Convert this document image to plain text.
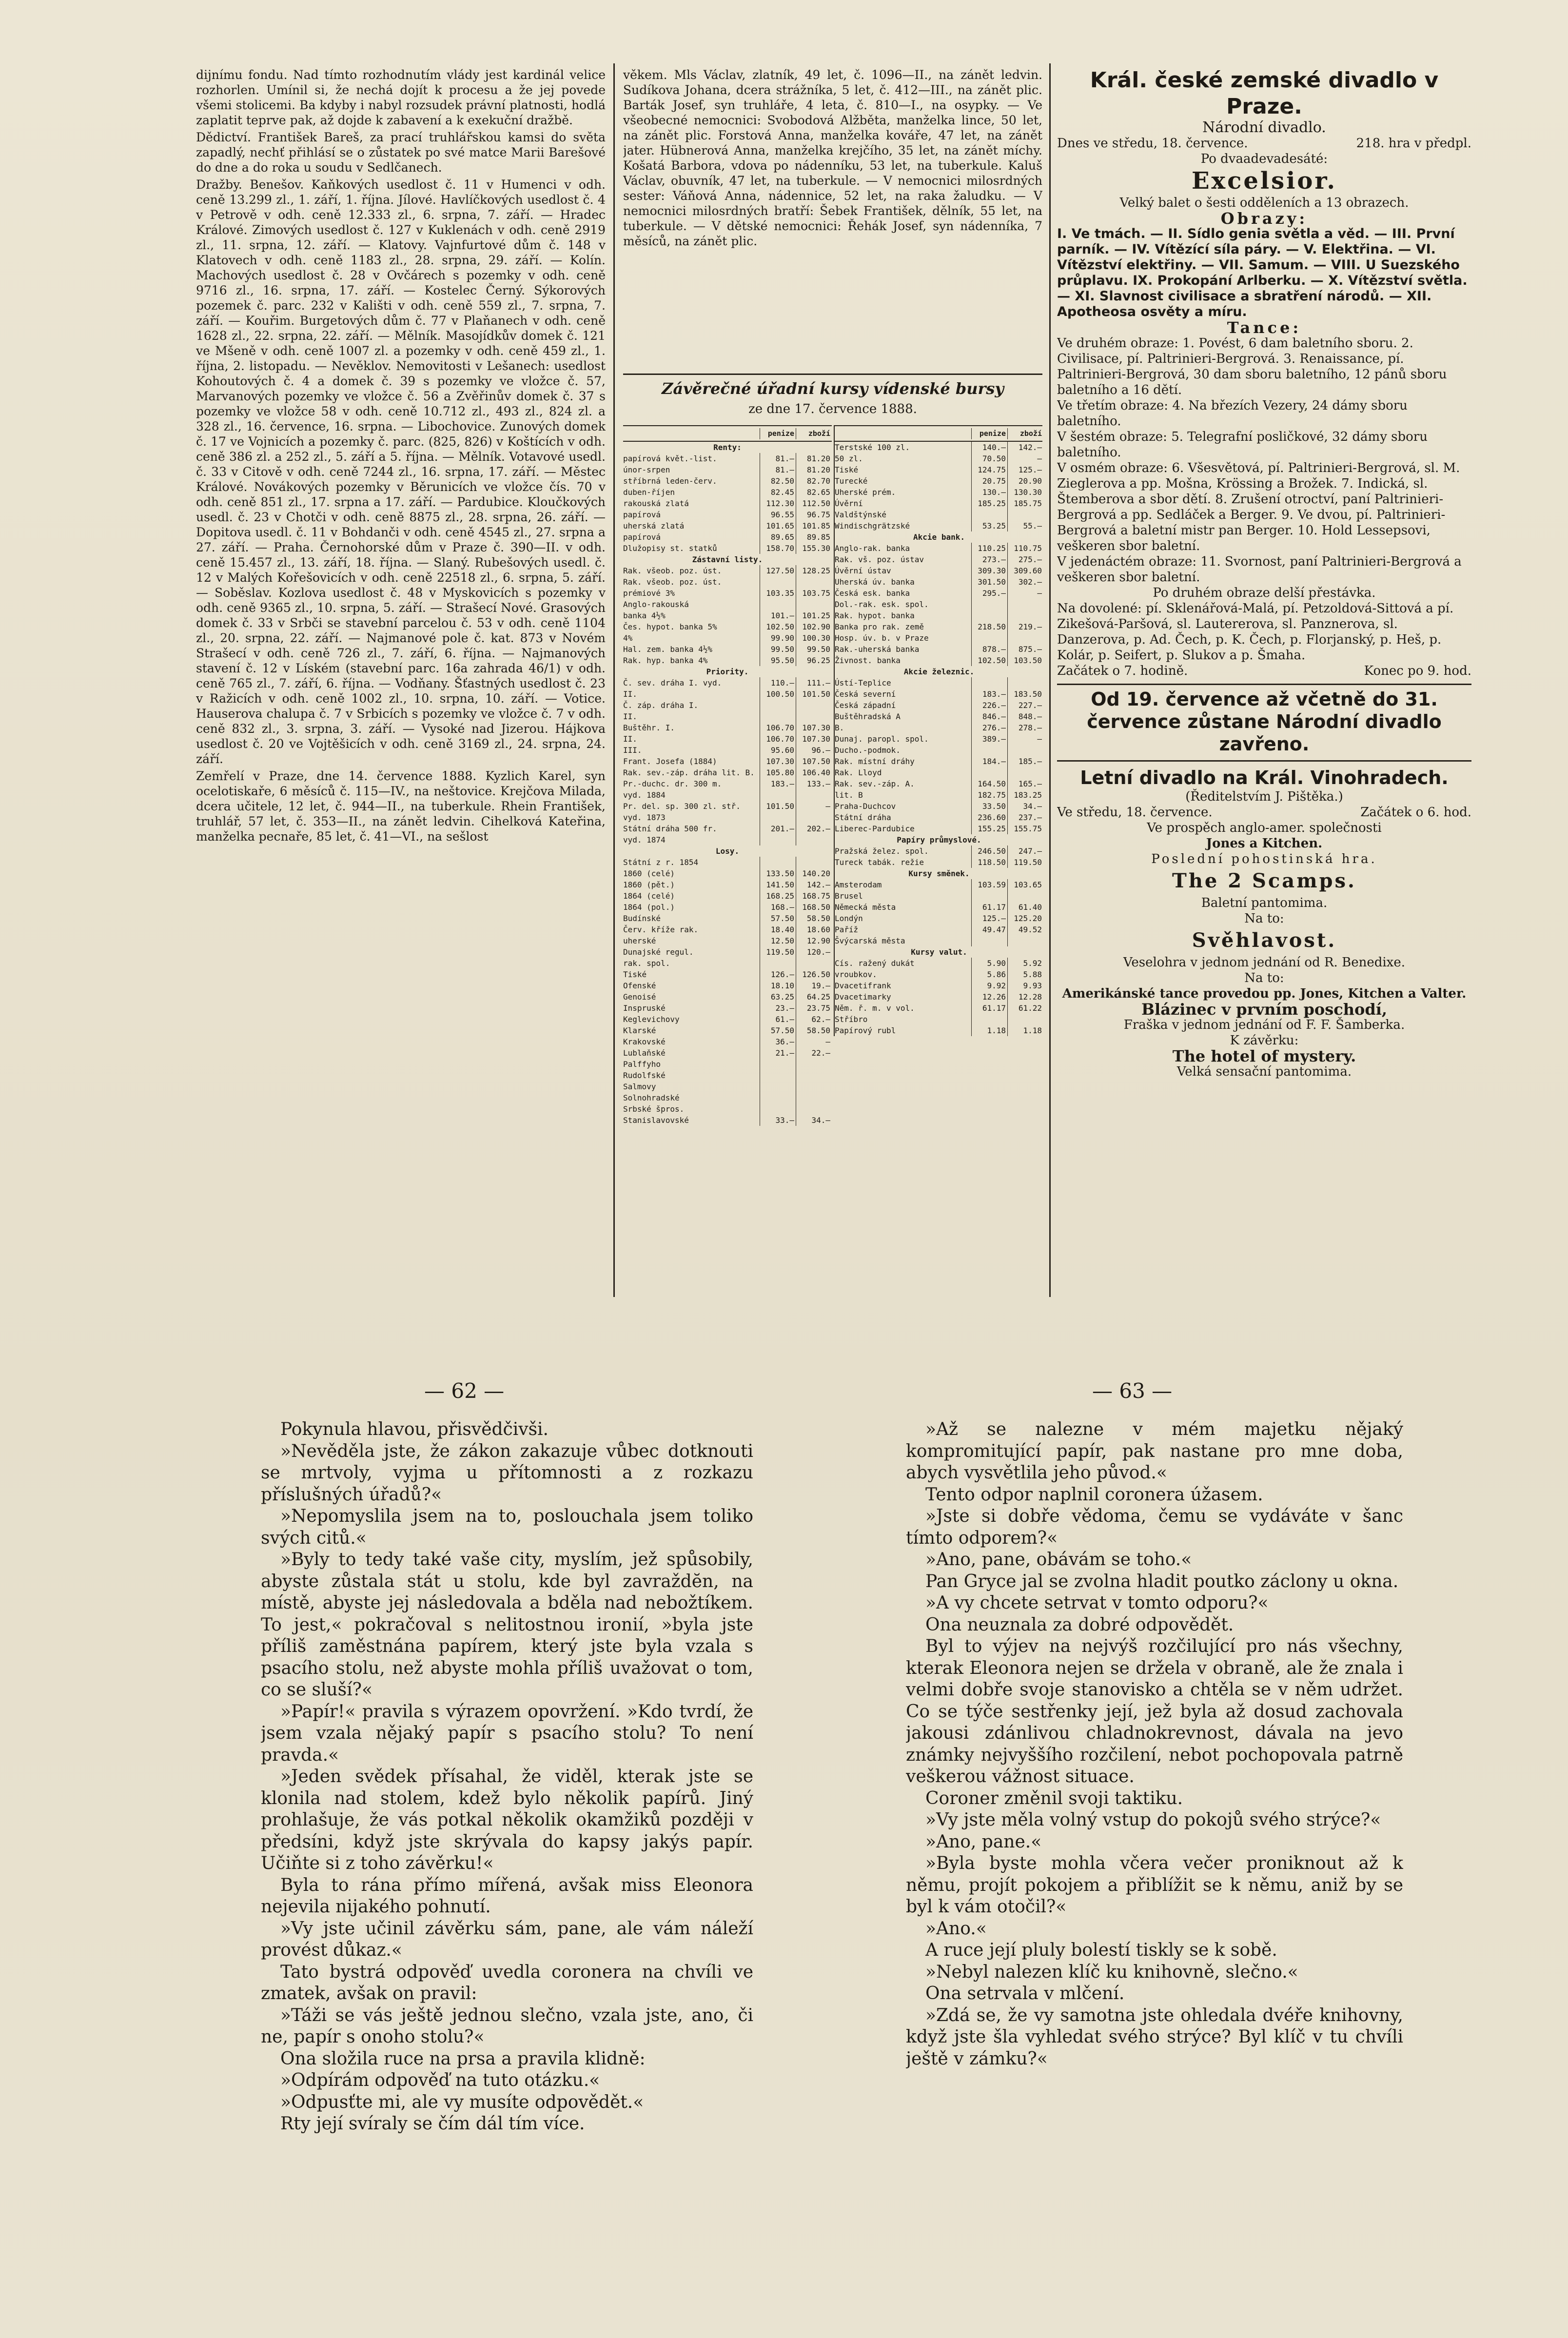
dijnímu fondu. Nad tímto rozhodnutím vlády jest kardinál velice rozhorlen. Umínil si, že nechá dojít k procesu a že jej povede všemi stolicemi. Ba kdyby i nabyl rozsudek právní platnosti, hodlá zaplatit teprve pak, až dojde k zabavení a k exekuční dražbě.

Dědictví. František Bareš, za prací truhlářskou kamsi do světa zapadlý, nechť přihlásí se o zůstatek po své matce Marii Barešové do dne a do roka u soudu v Sedlčanech.

Dražby. Benešov. Kaňkových usedlost č. 11 v Humenci v odh. ceně 13.299 zl., 1. září, 1. října. Jílové. Havlíčkových usedlost č. 4 v Petrově v odh. ceně 12.333 zl., 6. srpna, 7. září. — Hradec Králové. Zimových usedlost č. 127 v Kuklenách v odh. ceně 2919 zl., 11. srpna, 12. září. — Klatovy. Vajnfurtové dům č. 148 v Klatovech v odh. ceně 1183 zl., 28. srpna, 29. září. — Kolín. Machových usedlost č. 28 v Ovčárech s pozemky v odh. ceně 9716 zl., 16. srpna, 17. září. — Kostelec Černý. Sýkorových pozemek č. parc. 232 v Kališti v odh. ceně 559 zl., 7. srpna, 7. září. — Kouřim. Burgetových dům č. 77 v Plaňanech v odh. ceně 1628 zl., 22. srpna, 22. září. — Mělník. Masojídkův domek č. 121 ve Mšeně v odh. ceně 1007 zl. a pozemky v odh. ceně 459 zl., 1. října, 2. listopadu. — Nevěklov. Nemovitosti v Lešanech: usedlost Kohoutových č. 4 a domek č. 39 s pozemky ve vložce č. 57, Marvanových pozemky ve vložce č. 56 a Zvěřinův domek č. 37 s pozemky ve vložce 58 v odh. ceně 10.712 zl., 493 zl., 824 zl. a 328 zl., 16. července, 16. srpna. — Libochovice. Zunových domek č. 17 ve Vojnicích a pozemky č. parc. (825, 826) v Koštících v odh. ceně 386 zl. a 252 zl., 5. září a 5. října. — Mělník. Votavové usedl. č. 33 v Citově v odh. ceně 7244 zl., 16. srpna, 17. září. — Městec Králové. Novákových pozemky v Běrunicích ve vložce čís. 70 v odh. ceně 851 zl., 17. srpna a 17. září. — Pardubice. Kloučkových usedl. č. 23 v Chotči v odh. ceně 8875 zl., 28. srpna, 26. září. — Dopitova usedl. č. 11 v Bohdanči v odh. ceně 4545 zl., 27. srpna a 27. září. — Praha. Černohorské dům v Praze č. 390—II. v odh. ceně 15.457 zl., 13. září, 18. října. — Slaný. Rubešových usedl. č. 12 v Malých Kořešovicích v odh. ceně 22518 zl., 6. srpna, 5. září. — Soběslav. Kozlova usedlost č. 48 v Myskovicích s pozemky v odh. ceně 9365 zl., 10. srpna, 5. září. — Strašecí Nové. Grasových domek č. 33 v Srbči se stavební parcelou č. 53 v odh. ceně 1104 zl., 20. srpna, 22. září. — Najmanové pole č. kat. 873 v Novém Strašecí v odh. ceně 726 zl., 7. září, 6. října. — Najmanových stavení č. 12 v Líském (stavební parc. 16a zahrada 46/1) v odh. ceně 765 zl., 7. září, 6. října. — Vodňany. Šťastných usedlost č. 23 v Ražicích v odh. ceně 1002 zl., 10. srpna, 10. září. — Votice. Hauserova chalupa č. 7 v Srbicích s pozemky ve vložce č. 7 v odh. ceně 832 zl., 3. srpna, 3. září. — Vysoké nad Jizerou. Hájkova usedlost č. 20 ve Vojtěšicích v odh. ceně 3169 zl., 24. srpna, 24. září.

Zemřelí v Praze, dne 14. července 1888. Kyzlich Karel, syn ocelotiskaře, 6 měsíců č. 115—IV., na neštovice. Krejčova Milada, dcera učitele, 12 let, č. 944—II., na tuberkule. Rhein František, truhlář, 57 let, č. 353—II., na zánět ledvin. Cihelková Kateřina, manželka pecnaře, 85 let, č. 41—VI., na sešlost

věkem. Mls Václav, zlatník, 49 let, č. 1096—II., na zánět ledvin. Sudíkova Johana, dcera strážníka, 5 let, č. 412—III., na zánět plic. Barták Josef, syn truhláře, 4 leta, č. 810—I., na osypky. — Ve všeobecné nemocnici: Svobodová Alžběta, manželka lince, 50 let, na zánět plic. Forstová Anna, manželka kováře, 47 let, na zánět jater. Hübnerová Anna, manželka krejčího, 35 let, na zánět míchy. Košatá Barbora, vdova po nádenníku, 53 let, na tuberkule. Kaluš Václav, obuvník, 47 let, na tuberkule. — V nemocnici milosrdných sester: Váňová Anna, nádennice, 52 let, na raka žaludku. — V nemocnici milosrdných bratří: Šebek František, dělník, 55 let, na tuberkule. — V dětské nemocnici: Řehák Josef, syn nádenníka, 7 měsíců, na zánět plic.

Závěrečné úřadní kursy vídenské bursy
ze dne 17. července 1888.
penize	zboží
Renty:
papírová květ.-list.	81.—	81.20
únor-srpen	81.—	81.20
stříbrná leden-červ.	82.50	82.70
duben-říjen	82.45	82.65
rakouská zlatá	112.30	112.50
papírová	96.55	96.75
uherská zlatá	101.65	101.85
papírová	89.65	89.85
Dlužopisy st. statků	158.70	155.30
Zástavní listy.
Rak. všeob. poz. úst.	127.50	128.25
Rak. všeob. poz. úst.
prémiové 3%	103.35	103.75
Anglo-rakouská
banka 4½%	101.—	101.25
Čes. hypot. banka 5%	102.50	102.90
4%	99.90	100.30
Hal. zem. banka 4½%	99.50	99.50
Rak. hyp. banka 4%	95.50	96.25
Priority.
Č. sev. dráha I. vyd.	110.—	111.—
II.	100.50	101.50
Č. záp. dráha I.
II.
Buštěhr. I.	106.70	107.30
II.	106.70	107.30
III.	95.60	96.—
Frant. Josefa (1884)	107.30	107.50
Rak. sev.-záp. dráha lit. B.	105.80	106.40
Pr.-duchc. dr. 300 m.	183.—	133.—
vyd. 1884
Pr. del. sp. 300 zl. stř.	101.50	—
vyd. 1873
Státní dráha 500 fr.	201.—	202.—
vyd. 1874
Losy.
Státní z r. 1854
1860 (celé)	133.50	140.20
1860 (pět.)	141.50	142.—
1864 (celé)	168.25	168.75
1864 (pol.)	168.—	168.50
Budínské	57.50	58.50
Červ. kříže rak.	18.40	18.60
uherské	12.50	12.90
Dunajské regul.	119.50	120.—
rak. spol.
Tiské	126.—	126.50
Ofenské	18.10	19.—
Genoisé	63.25	64.25
Inspruské	23.—	23.75
Keglevichovy	61.—	62.—
Klarské	57.50	58.50
Krakovské	36.—	—
Lublaňské	21.—	22.—
Palffyho
Rudolfské
Salmovy
Solnohradské
Srbské špros.
Stanislavovské	33.—	34.—
penize	zboží
Terstské 100 zl.	140.—	142.—
50 zl.	70.50	—
Tiské	124.75	125.—
Turecké	20.75	20.90
Uherské prém.	130.—	130.30
Úvěrní	185.25	185.75
Valdštýnské
Windischgrätzské	53.25	55.—
Akcie bank.
Anglo-rak. banka	110.25	110.75
Rak. vš. poz. ústav	273.—	275.—
Úvěrní ústav	309.30	309.60
Uherská úv. banka	301.50	302.—
Česká esk. banka	295.—	—
Dol.-rak. esk. spol.
Rak. hypot. banka
Banka pro rak. země	218.50	219.—
Hosp. úv. b. v Praze
Rak.-uherská banka	878.—	875.—
Živnost. banka	102.50	103.50
Akcie železnic.
Ústí-Teplice
Česká severní	183.—	183.50
Česká západní	226.—	227.—
Buštěhradská A	846.—	848.—
B.	276.—	278.—
Dunaj. paropl. spol.	389.—	—
Ducho.-podmok.
Rak. místní dráhy	184.—	185.—
Rak. Lloyd
Rak. sev.-záp. A.	164.50	165.—
lit. B	182.75	183.25
Praha-Duchcov	33.50	34.—
Státní dráha	236.60	237.—
Liberec-Pardubice	155.25	155.75
Papíry průmyslové.
Pražská želez. spol.	246.50	247.—
Tureck tabák. režie	118.50	119.50
Kursy směnek.
Amsterodam	103.59	103.65
Brusel
Německá města	61.17	61.40
Londýn	125.—	125.20
Paříž	49.47	49.52
Švýcarská města
Kursy valut.
Cís. ražený dukát	5.90	5.92
vroubkov.	5.86	5.88
Dvacetifrank	9.92	9.93
Dvacetimarky	12.26	12.28
Něm. ř. m. v vol.	61.17	61.22
Stříbro
Papírový rubl	1.18	1.18
Král. české zemské divadlo v Praze.
Národní divadlo.
Dnes ve středu, 18. července.	218. hra v předpl.
Po dvaadevadesáté:
Excelsior.
Velký balet o šesti odděleních a 13 obrazech.
Obrazy:
I. Ve tmách. — II. Sídlo genia světla a věd. — III. První parník. — IV. Vítězící síla páry. — V. Elektřina. — VI. Vítězství elektřiny. — VII. Samum. — VIII. U Suezského průplavu. IX. Prokopání Arlberku. — X. Vítězství světla. — XI. Slavnost civilisace a sbratření národů. — XII. Apotheosa osvěty a míru.
Tance:
Ve druhém obraze: 1. Povést, 6 dam baletního sboru. 2. Civilisace, pí. Paltrinieri-Bergrová. 3. Renaissance, pí. Paltrinieri-Bergrová, 30 dam sboru baletního, 12 pánů sboru baletního a 16 dětí.
Ve třetím obraze: 4. Na březích Vezery, 24 dámy sboru baletního.
V šestém obraze: 5. Telegrafní posličkové, 32 dámy sboru baletního.
V osmém obraze: 6. Všesvětová, pí. Paltrinieri-Bergrová, sl. M. Zieglerova a pp. Mošna, Krössing a Brožek. 7. Indická, sl. Štemberova a sbor dětí. 8. Zrušení otroctví, paní Paltrinieri-Bergrová a pp. Sedláček a Berger. 9. Ve dvou, pí. Paltrinieri-Bergrová a baletní mistr pan Berger. 10. Hold Lessepsovi, veškeren sbor baletní.
V jedenáctém obraze: 11. Svornost, paní Paltrinieri-Bergrová a veškeren sbor baletní.
Po druhém obraze delší přestávka.
Na dovolené: pí. Sklenářová-Malá, pí. Petzoldová-Sittová a pí. Zikešová-Paršová, sl. Lautererova, sl. Panznerova, sl. Danzerova, p. Ad. Čech, p. K. Čech, p. Florjanský, p. Heš, p. Kolár, p. Seifert, p. Slukov a p. Šmaha.
Začátek o 7. hodině.	Konec po 9. hod.
Od 19. července až včetně do 31. července zůstane Národní divadlo zavřeno.
Letní divadlo na Král. Vinohradech.
(Ředitelstvím J. Pištěka.)
Ve středu, 18. července.	Začátek o 6. hod.
Ve prospěch anglo-amer. společnosti
Jones a Kitchen.
Poslední pohostinská hra.
The 2 Scamps.
Baletní pantomima.
Na to:
Svěhlavost.
Veselohra v jednom jednání od R. Benedixe.
Na to:
Amerikánské tance provedou pp. Jones, Kitchen a Valter.
Blázinec v prvním poschodí,
Fraška v jednom jednání od F. F. Šamberka.
K závěrku:
The hotel of mystery.
Velká sensační pantomima.
— 62 —	— 63 —

Pokynula hlavou, přisvědčivši.

»Nevěděla jste, že zákon zakazuje vůbec dotknouti se mrtvoly, vyjma u přítomnosti a z rozkazu příslušných úřadů?«

»Nepomyslila jsem na to, poslouchala jsem toliko svých citů.«

»Byly to tedy také vaše city, myslím, jež spůsobily, abyste zůstala stát u stolu, kde byl zavraždĕn, na místě, abyste jej následovala a bděla nad nebožtíkem. To jest,« pokračoval s nelitostnou ironií, »byla jste příliš zaměstnána papírem, který jste byla vzala s psacího stolu, než abyste mohla příliš uvažovat o tom, co se sluší?«

»Papír!« pravila s výrazem opovržení. »Kdo tvrdí, že jsem vzala nějaký papír s psacího stolu? To není pravda.«

»Jeden svědek přísahal, že viděl, kterak jste se klonila nad stolem, kdež bylo několik papírů. Jiný prohlašuje, že vás potkal několik okamžiků později v předsíni, když jste skrývala do kapsy jakýs papír. Učiňte si z toho závěrku!«

Byla to rána přímo mířená, avšak miss Eleonora nejevila nijakého pohnutí.

»Vy jste učinil závěrku sám, pane, ale vám náleží provést důkaz.«

Tato bystrá odpověď uvedla coronera na chvíli ve zmatek, avšak on pravil:

»Táži se vás ještě jednou slečno, vzala jste, ano, či ne, papír s onoho stolu?«

Ona složila ruce na prsa a pravila klidně:

»Odpírám odpověď na tuto otázku.«

»Odpusťte mi, ale vy musíte odpovědět.«

Rty její svíraly se čím dál tím více.

»Až se nalezne v mém majetku nějaký kompromitující papír, pak nastane pro mne doba, abych vysvětlila jeho původ.«

Tento odpor naplnil coronera úžasem.

»Jste si dobře vědoma, čemu se vydáváte v šanc tímto odporem?«

»Ano, pane, obávám se toho.«

Pan Gryce jal se zvolna hladit poutko záclony u okna.

»A vy chcete setrvat v tomto odporu?«

Ona neuznala za dobré odpovědět.

Byl to výjev na nejvýš rozčilující pro nás všechny, kterak Eleonora nejen se držela v obraně, ale že znala i velmi dobře svoje stanovisko a chtěla se v něm udržet. Co se týče sestřenky její, jež byla až dosud zachovala jakousi zdánlivou chladnokrevnost, dávala na jevo známky nejvyššího rozčilení, nebot pochopovala patrně veškerou vážnost situace.

Coroner změnil svoji taktiku.

»Vy jste měla volný vstup do pokojů svého strýce?«

»Ano, pane.«

»Byla byste mohla včera večer proniknout až k němu, projít pokojem a přiblížit se k němu, aniž by se byl k vám otočil?«

»Ano.«

A ruce její pluly bolestí tiskly se k sobě.

»Nebyl nalezen klíč ku knihovně, slečno.«

Ona setrvala v mlčení.

»Zdá se, že vy samotna jste ohledala dvéře knihovny, když jste šla vyhledat svého strýce? Byl klíč v tu chvíli ještě v zámku?«
